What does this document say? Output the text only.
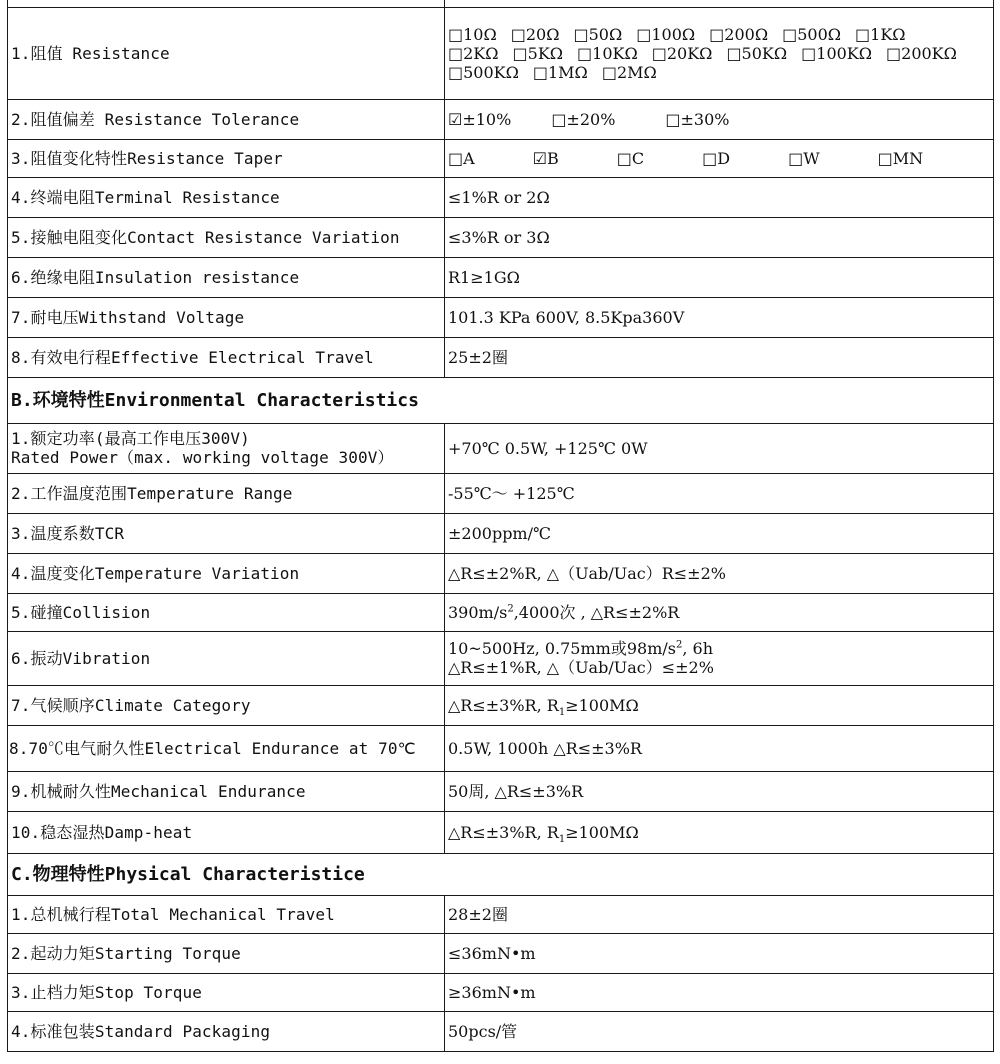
1.阻值 Resistance	□10Ω □20Ω □50Ω □100Ω □200Ω □500Ω □1KΩ
□2KΩ □5KΩ □10KΩ □20KΩ □50KΩ □100KΩ □200KΩ
□500KΩ □1MΩ □2MΩ

2.阻值偏差 Resistance Tolerance	☑±10% □±20% □±30%
3.阻值变化特性Resistance Taper	□A ☑B □C □D □W □MN
4.终端电阻Terminal Resistance	≤1%R or 2Ω
5.接触电阻变化Contact Resistance Variation	≤3%R or 3Ω
6.绝缘电阻Insulation resistance	R1≥1GΩ
7.耐电压Withstand Voltage	101.3 KPa 600V, 8.5Kpa360V
8.有效电行程Effective Electrical Travel	25±2圈
B.环境特性Environmental Characteristics	

1.额定功率(最高工作电压300V)
Rated Power（max. working voltage 300V）	+70℃ 0.5W, +125℃ 0W
2.工作温度范围Temperature Range	-55℃～ +125℃
3.温度系数TCR	±200ppm/℃
4.温度变化Temperature Variation	△R≤±2%R, △（Uab/Uac）R≤±2%
5.碰撞Collision	$390m/s^2,4000$次 , △R≤±2%R
6.振动Vibration	10~500Hz, 0.75mm或$98m/s^2$, 6h
△R≤±1%R, △（Uab/Uac）≤±2%

7.气候顺序Climate Category	△R≤±3%R, $R_1\ge 100M\Omega$
8.70℃电气耐久性Electrical Endurance at 70℃	0.5W, 1000h △R≤±3%R
9.机械耐久性Mechanical Endurance	50周, △R≤±3%R
10.稳态湿热Damp-heat	△R≤±3%R, $R_1\ge 100M\Omega$
C.物理特性Physical Characteristice	
1.总机械行程Total Mechanical Travel	28±2圈
2.起动力矩Starting Torque	≤36mN•m
3.止档力矩Stop Torque	≥36mN•m
4.标准包装Standard Packaging	50pcs/管
